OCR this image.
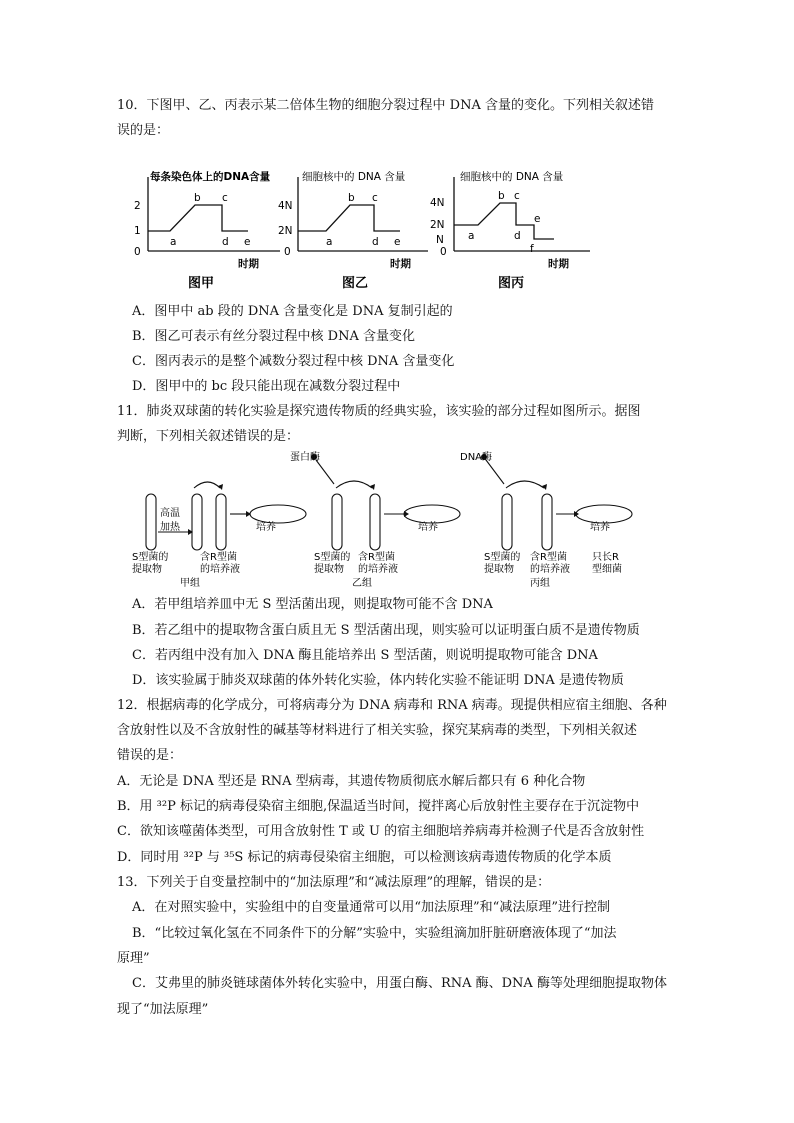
10．下图甲、乙、丙表示某二倍体生物的细胞分裂过程中 DNA 含量的变化。下列相关叙述错
误的是：
每条染色体上的DNA含量
2
1
0
a
b c
d e
时期
图甲
细胞核中的 DNA 含量
4N
2N
0
a
b c
d e
时期
图乙
细胞核中的 DNA 含量
4N
2N
N
0
a
b c
d
e
f
时期
图丙
A．图甲中 ab 段的 DNA 含量变化是 DNA 复制引起的
B．图乙可表示有丝分裂过程中核 DNA 含量变化
C．图丙表示的是整个减数分裂过程中核 DNA 含量变化
D．图甲中的 bc 段只能出现在减数分裂过程中
11．肺炎双球菌的转化实验是探究遗传物质的经典实验，该实验的部分过程如图所示。据图
判断，下列相关叙述错误的是：
高温
加热	培养
S型菌的
提取物
含R型菌
的培养液
甲组
蛋白酶
培养
S型菌的
提取物
含R型菌
的培养液
乙组
DNA酶
培养
S型菌的
提取物
含R型菌
的培养液
只长R
型细菌
丙组
A．若甲组培养皿中无 S 型活菌出现，则提取物可能不含 DNA
B．若乙组中的提取物含蛋白质且无 S 型活菌出现，则实验可以证明蛋白质不是遗传物质
C．若丙组中没有加入 DNA 酶且能培养出 S 型活菌，则说明提取物可能含 DNA
D．该实验属于肺炎双球菌的体外转化实验，体内转化实验不能证明 DNA 是遗传物质
12．根据病毒的化学成分，可将病毒分为 DNA 病毒和 RNA 病毒。现提供相应宿主细胞、各种
含放射性以及不含放射性的碱基等材料进行了相关实验，探究某病毒的类型，下列相关叙述
错误的是：
A．无论是 DNA 型还是 RNA 型病毒，其遗传物质彻底水解后都只有 6 种化合物
B．用 ³²P 标记的病毒侵染宿主细胞,保温适当时间，搅拌离心后放射性主要存在于沉淀物中
C．欲知该噬菌体类型，可用含放射性 T 或 U 的宿主细胞培养病毒并检测子代是否含放射性
D．同时用 ³²P 与 ³⁵S 标记的病毒侵染宿主细胞，可以检测该病毒遗传物质的化学本质
13．下列关于自变量控制中的“加法原理”和“减法原理”的理解，错误的是：
A．在对照实验中，实验组中的自变量通常可以用“加法原理”和“减法原理”进行控制
B．“比较过氧化氢在不同条件下的分解”实验中，实验组滴加肝脏研磨液体现了“加法
原理”
C．艾弗里的肺炎链球菌体外转化实验中，用蛋白酶、RNA 酶、DNA 酶等处理细胞提取物体
现了“加法原理”
